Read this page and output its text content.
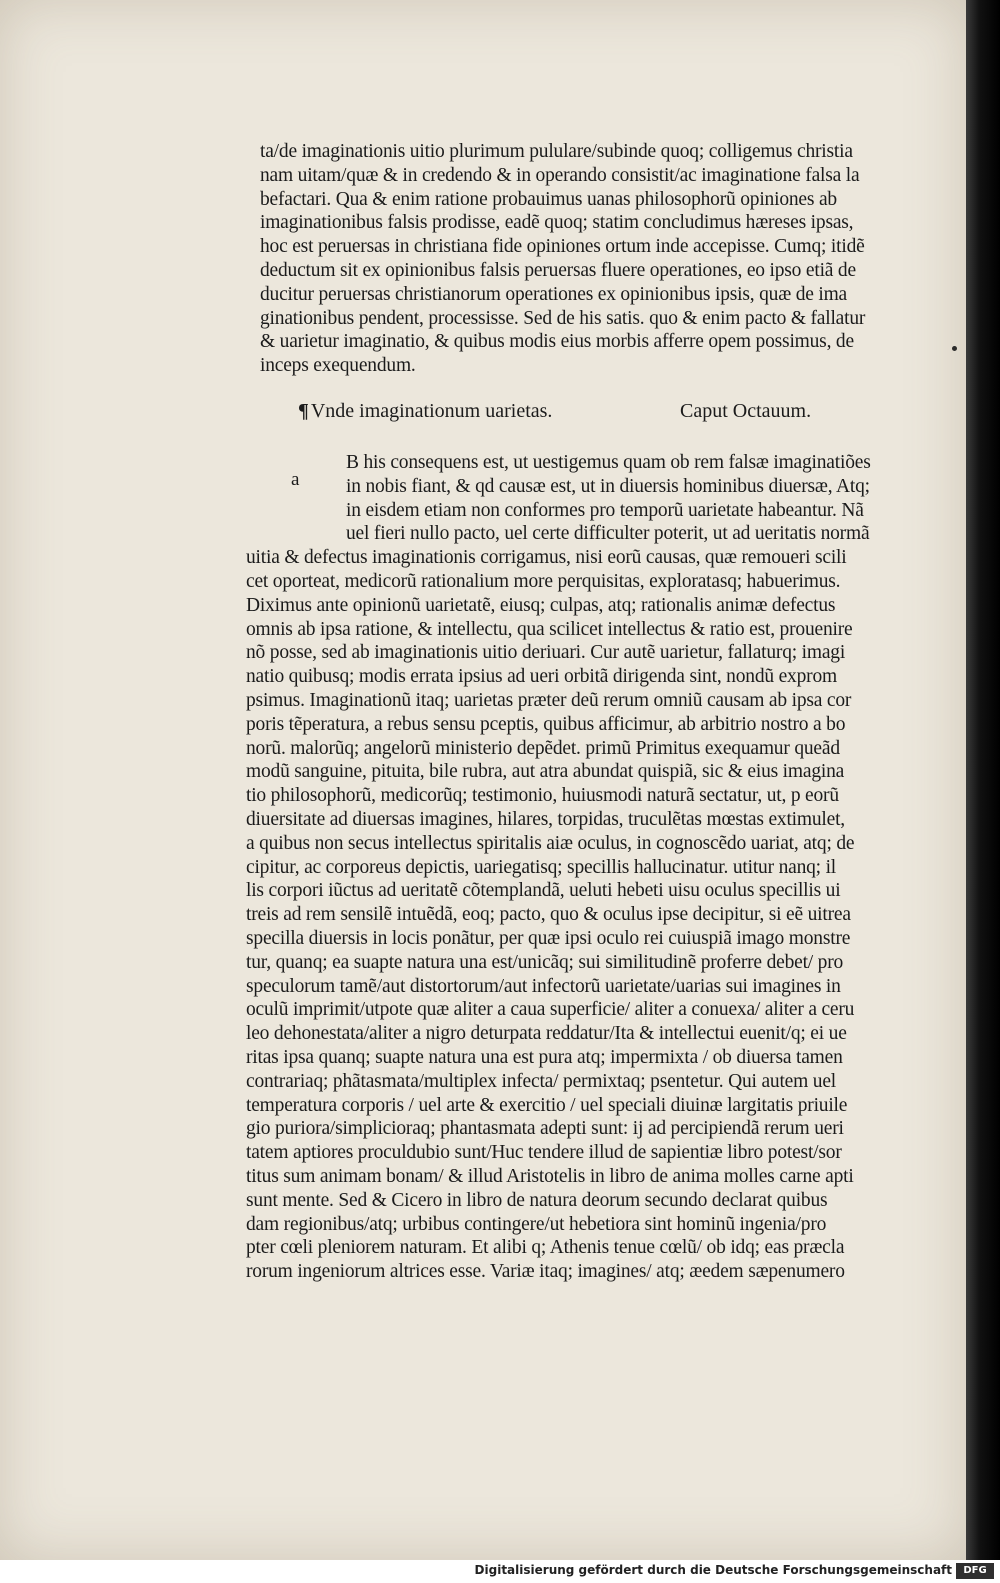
ta/de imaginationis uitio plurimum pululare/subinde quoq; colligemus christia
nam uitam/quæ & in credendo & in operando consistit/ac imaginatione falsa la
befactari. Qua & enim ratione probauimus uanas philosophorũ opiniones ab
imaginationibus falsis prodisse, eadẽ quoq; statim concludimus hæreses ipsas,
hoc est peruersas in christiana fide opiniones ortum inde accepisse. Cumq; itidẽ
deductum sit ex opinionibus falsis peruersas fluere operationes, eo ipso etiã de
ducitur peruersas christianorum operationes ex opinionibus ipsis, quæ de ima
ginationibus pendent, processisse. Sed de his satis. quo & enim pacto & fallatur
& uarietur imaginatio, & quibus modis eius morbis afferre opem possimus, de
inceps exequendum.
¶ Vnde imaginationum uarietas.	Caput Octauum.
a
B his consequens est, ut uestigemus quam ob rem falsæ imaginatiões
in nobis fiant, & qd causæ est, ut in diuersis hominibus diuersæ, Atq;
in eisdem etiam non conformes pro temporũ uarietate habeantur. Nã
uel fieri nullo pacto, uel certe difficulter poterit, ut ad ueritatis normã
uitia & defectus imaginationis corrigamus, nisi eorũ causas, quæ remoueri scili
cet oporteat, medicorũ rationalium more perquisitas, exploratasq; habuerimus.
Diximus ante opinionũ uarietatẽ, eiusq; culpas, atq; rationalis animæ defectus
omnis ab ipsa ratione, & intellectu, qua scilicet intellectus & ratio est, prouenire
nõ posse, sed ab imaginationis uitio deriuari. Cur autẽ uarietur, fallaturq; imagi
natio quibusq; modis errata ipsius ad ueri orbitã dirigenda sint, nondũ exprom
psimus. Imaginationũ itaq; uarietas præter deũ rerum omniũ causam ab ipsa cor
poris tẽperatura, a rebus sensu pceptis, quibus afficimur, ab arbitrio nostro a bo
norũ. malorũq; angelorũ ministerio depẽdet. primũ Primitus exequamur queãd
modũ sanguine, pituita, bile rubra, aut atra abundat quispiã, sic & eius imagina
tio philosophorũ, medicorũq; testimonio, huiusmodi naturã sectatur, ut, p eorũ
diuersitate ad diuersas imagines, hilares, torpidas, truculẽtas mœstas extimulet,
a quibus non secus intellectus spiritalis aiæ oculus, in cognoscẽdo uariat, atq; de
cipitur, ac corporeus depictis, uariegatisq; specillis hallucinatur. utitur nanq; il
lis corpori iũctus ad ueritatẽ cõtemplandã, ueluti hebeti uisu oculus specillis ui
treis ad rem sensilẽ intuẽdã, eoq; pacto, quo & oculus ipse decipitur, si eẽ uitrea
specilla diuersis in locis ponãtur, per quæ ipsi oculo rei cuiuspiã imago monstre
tur, quanq; ea suapte natura una est/unicãq; sui similitudinẽ proferre debet/ pro
speculorum tamẽ/aut distortorum/aut infectorũ uarietate/uarias sui imagines in
oculũ imprimit/utpote quæ aliter a caua superficie/ aliter a conuexa/ aliter a ceru
leo dehonestata/aliter a nigro deturpata reddatur/Ita & intellectui euenit/q; ei ue
ritas ipsa quanq; suapte natura una est pura atq; impermixta / ob diuersa tamen
contrariaq; phãtasmata/multiplex infecta/ permixtaq; psentetur. Qui autem uel
temperatura corporis / uel arte & exercitio / uel speciali diuinæ largitatis priuile
gio puriora/simplicioraq; phantasmata adepti sunt: ij ad percipiendã rerum ueri
tatem aptiores proculdubio sunt/Huc tendere illud de sapientiæ libro potest/sor
titus sum animam bonam/ & illud Aristotelis in libro de anima molles carne apti
sunt mente. Sed & Cicero in libro de natura deorum secundo declarat quibus
dam regionibus/atq; urbibus contingere/ut hebetiora sint hominũ ingenia/pro
pter cœli pleniorem naturam. Et alibi q; Athenis tenue cœlũ/ ob idq; eas præcla
rorum ingeniorum altrices esse. Variæ itaq; imagines/ atq; æedem sæpenumero
Digitalisierung gefördert durch die Deutsche Forschungsgemeinschaft	DFG
